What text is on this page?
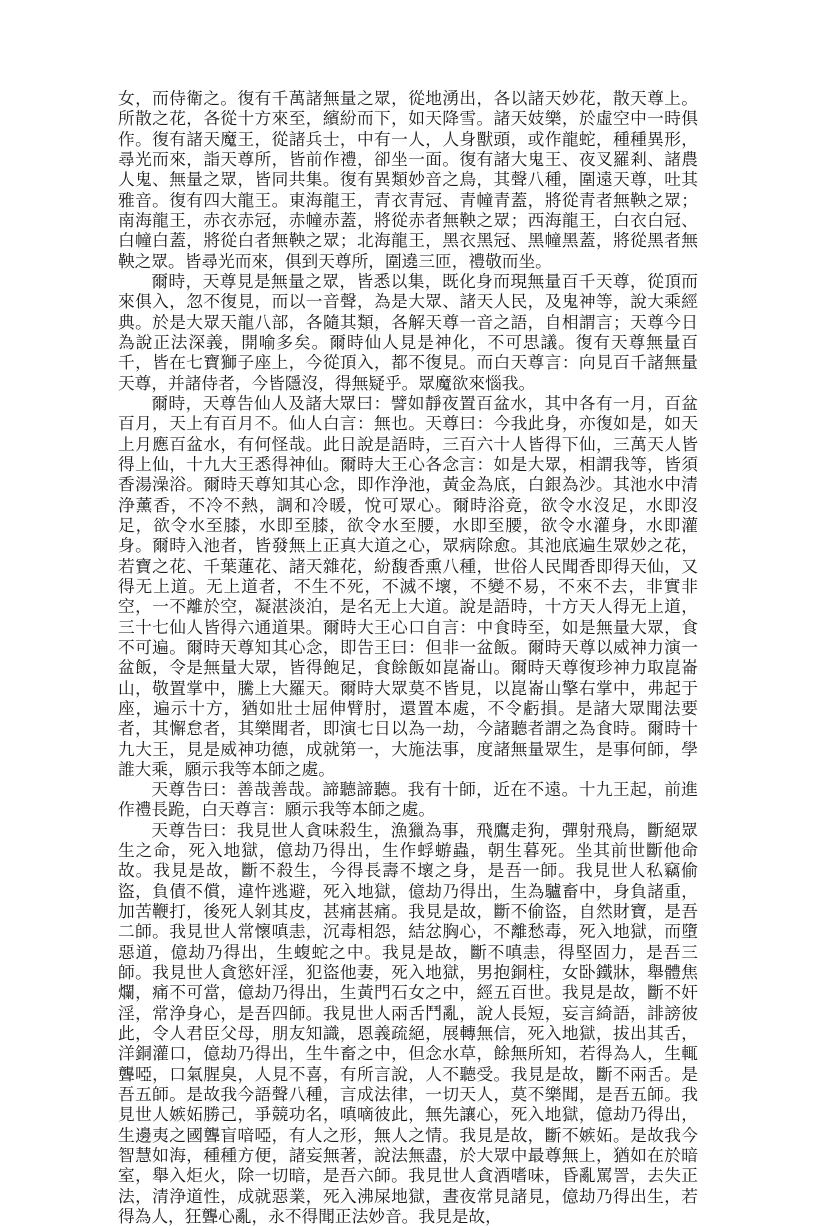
女，而侍衛之。復有千萬諸無量之眾，從地湧出，各以諸天妙花，散天尊上。所散之花，各從十方來至，繽紛而下，如天降雪。諸天妓樂，於虛空中一時俱作。復有諸天魔王，從諸兵士，中有一人，人身獸頭，或作龍蛇，種種異形，尋光而來，詣天尊所，皆前作禮，卻坐一面。復有諸大鬼王、夜叉羅剎、諸農人鬼、無量之眾，皆同共集。復有異類妙音之鳥，其聲八種，圍遠天尊，吐其雅音。復有四大龍王。東海龍王，青衣青冠、青幢青蓋，將從青者無鞅之眾；南海龍王，赤衣赤冠，赤幢赤蓋，將從赤者無鞅之眾；西海龍王，白衣白冠、白幢白蓋，將從白者無鞅之眾；北海龍王，黑衣黑冠、黑幢黑蓋，將從黑者無鞅之眾。皆尋光而來，俱到天尊所，圍遶三匝，禮敬而坐。

爾時，天尊見是無量之眾，皆悉以集，既化身而現無量百千天尊，從頂而來俱入，忽不復見，而以一音聲，為是大眾、諸天人民，及鬼神等，說大乘經典。於是大眾天龍八部，各隨其類，各解天尊一音之語，自相謂言；天尊今日為說正法深義，開喻多矣。爾時仙人見是神化，不可思議。復有天尊無量百千，皆在七寶獅子座上，今從頂入，都不復見。而白天尊言：向見百千諸無量天尊，并諸侍者，今皆隱沒，得無疑乎。眾魔欲來惱我。

爾時，天尊告仙人及諸大眾曰：譬如靜夜置百盆水，其中各有一月，百盆百月，天上有百月不。仙人白言：無也。天尊曰：今我此身，亦復如是，如天上月應百盆水，有何怪哉。此日說是語時，三百六十人皆得下仙，三萬天人皆得上仙，十九大王悉得神仙。爾時大王心各念言：如是大眾，相謂我等，皆須香湯澡浴。爾時天尊知其心念，即作浄池，黃金為底，白銀為沙。其池水中清浄薰香，不冷不熱，調和冷暖，悅可眾心。爾時浴竟，欲令水沒足，水即沒足，欲令水至膝，水即至膝，欲令水至腰，水即至腰，欲令水灌身，水即灌身。爾時入池者，皆發無上正真大道之心，眾病除愈。其池底遍生眾妙之花，若寶之花、千葉蓮花、諸天雜花，紛馥香熏八種，世俗人民聞香即得天仙，又得无上道。无上道者，不生不死，不滅不壞，不變不易，不來不去，非實非空，一不離於空，凝湛淡泊，是名无上大道。說是語時，十方天人得无上道，三十七仙人皆得六通道果。爾時大王心口自言：中食時至，如是無量大眾，食不可遍。爾時天尊知其心念，即告王曰：但非一盆飯。爾時天尊以威神力演一盆飯，令是無量大眾，皆得飽足，食餘飯如崑崙山。爾時天尊復珍神力取崑崙山，敬置掌中，騰上大羅天。爾時大眾莫不皆見，以崑崙山擎右掌中，弗起于座，遍示十方，猶如壯士屈伸臂肘，還置本處，不令虧損。是諸大眾聞法要者，其懈怠者，其樂聞者，即演七日以為一劫，今諸聽者謂之為食時。爾時十九大王，見是威神功德，成就第一，大施法事，度諸無量眾生，是事何師，學誰大乘，願示我等本師之處。

天尊告曰：善哉善哉。諦聽諦聽。我有十師，近在不遠。十九王起，前進作禮長跪，白天尊言：願示我等本師之處。

天尊告曰：我見世人貪味殺生，漁獵為事，飛鷹走狗，彈射飛鳥，斷絕眾生之命，死入地獄，億劫乃得出，生作蜉蝣蟲，朝生暮死。坐其前世斷他命故。我見是故，斷不殺生，今得長壽不壞之身，是吾一師。我見世人私竊偷盜，負債不償，違忤逃避，死入地獄，億劫乃得出，生為驢畜中，身負諸重，加苦鞭打，後死人剝其皮，甚痛甚痛。我見是故，斷不偷盜，自然財寶，是吾二師。我見世人常懷嗔恚，沉毒相怨，結忿胸心，不離愁毒，死入地獄，而墮惡道，億劫乃得出，生蝮蛇之中。我見是故，斷不嗔恚，得堅固力，是吾三師。我見世人貪慾奸淫，犯盜他妻，死入地獄，男抱銅柱，女卧鐵牀，舉體焦爛，痛不可當，億劫乃得出，生黃門石女之中，經五百世。我見是故，斷不奸淫，常浄身心，是吾四師。我見世人兩舌鬥亂，說人長短，妄言綺語，誹謗彼此，令人君臣父母，朋友知識，恩義疏絕，展轉無信，死入地獄，拔出其舌，洋銅灌口，億劫乃得出，生牛畜之中，但念水草，餘無所知，若得為人，生輒聾啞，口氣腥臭，人見不喜，有所言說，人不聽受。我見是故，斷不兩舌。是吾五師。是故我今語聲八種，言成法律，一切天人，莫不樂聞，是吾五師。我見世人嫉妬勝己，爭競功名，嗔嘀彼此，無先讓心，死入地獄，億劫乃得出，生邊夷之國聾盲喑啞，有人之形，無人之情。我見是故，斷不嫉妬。是故我今智慧如海，種種方便，諸妄無著，說法無盡，於大眾中最尊無上，猶如在於暗室，舉入炬火，除一切暗，是吾六師。我見世人貪酒嗜味，昏亂罵詈，去失正法，清浄道性，成就惡業，死入沸屎地獄，晝夜常見諸見，億劫乃得出生，若得為人，狂聾心亂，永不得聞正法妙音。我見是故，
